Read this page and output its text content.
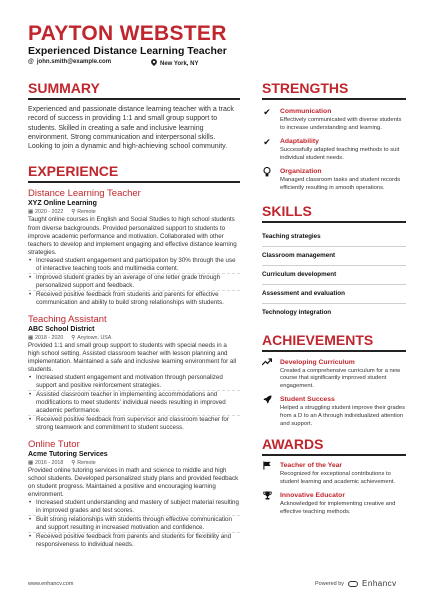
PAYTON WEBSTER
Experienced Distance Learning Teacher
@ john.smith@example.com	New York, NY
SUMMARY
Experienced and passionate distance learning teacher with a track record of success in providing 1:1 and small group support to students. Skilled in creating a safe and inclusive learning environment. Strong communication and interpersonal skills. Looking to join a dynamic and high-achieving school community.
EXPERIENCE
Distance Learning Teacher
XYZ Online Learning
▦ 2020 - 2022 ⚲ Remote
Taught online courses in English and Social Studies to high school students from diverse backgrounds. Provided personalized support to students to improve academic performance and motivation. Collaborated with other teachers to develop and implement engaging and effective distance learning strategies.
• Increased student engagement and participation by 30% through the use of interactive teaching tools and multimedia content.
• Improved student grades by an average of one letter grade through personalized support and feedback.
• Received positive feedback from students and parents for effective communication and ability to build strong relationships with students.
Teaching Assistant
ABC School District
▦ 2018 - 2020 ⚲ Anytown, USA
Provided 1:1 and small group support to students with special needs in a high school setting. Assisted classroom teacher with lesson planning and implementation. Maintained a safe and inclusive learning environment for all students.
• Increased student engagement and motivation through personalized support and positive reinforcement strategies.
• Assisted classroom teacher in implementing accommodations and modifications to meet students' individual needs resulting in improved academic performance.
• Received positive feedback from supervisor and classroom teacher for strong teamwork and commitment to student success.
Online Tutor
Acme Tutoring Services
▦ 2016 - 2018 ⚲ Remote
Provided online tutoring services in math and science to middle and high school students. Developed personalized study plans and provided feedback on student progress. Maintained a positive and encouraging learning environment.
• Increased student understanding and mastery of subject material resulting in improved grades and test scores.
• Built strong relationships with students through effective communication and support resulting in increased motivation and confidence.
• Received positive feedback from parents and students for flexibility and responsiveness to individual needs.
STRENGTHS
✔ Communication
Effectively communicated with diverse students to increase understanding and learning.
✔ Adaptability
Successfully adapted teaching methods to suit individual student needs.
Organization
Managed classroom tasks and student records efficiently resulting in smooth operations.
SKILLS
Teaching strategies
Classroom management
Curriculum development
Assessment and evaluation
Technology integration
ACHIEVEMENTS
Developing Curriculum
Created a comprehensive curriculum for a new course that significantly improved student engagement.
Student Success
Helped a struggling student improve their grades from a D to an A through individualized attention and support.
AWARDS
Teacher of the Year
Recognized for exceptional contributions to student learning and academic achievement.
Innovative Educator
Acknowledged for implementing creative and effective teaching methods.
www.enhancv.com	Powered by Enhancv
